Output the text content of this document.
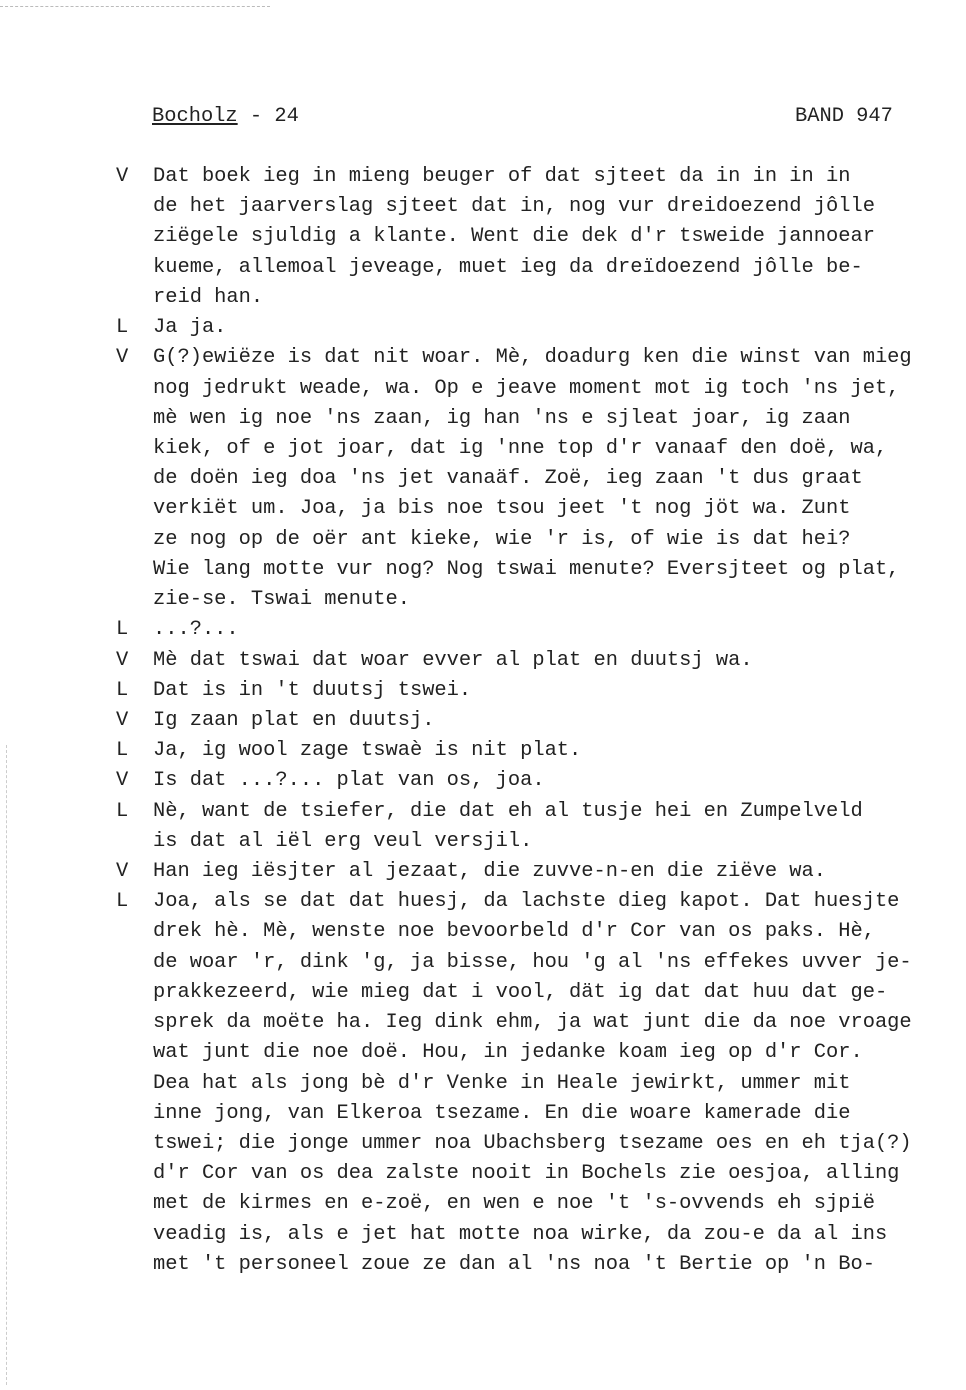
Bocholz - 24	BAND 947
V Dat boek ieg in mieng beuger of dat sjteet da in in in in
de het jaarverslag sjteet dat in, nog vur dreidoezend jôlle
ziëgele sjuldig a klante. Went die dek d'r tsweide jannoear
kueme, allemoal jeveage, muet ieg da dreïdoezend jôlle be-
reid han.
L Ja ja.
V G(?)ewiëze is dat nit woar. Mè, doadurg ken die winst van mieg
nog jedrukt weade, wa. Op e jeave moment mot ig toch 'ns jet,
mè wen ig noe 'ns zaan, ig han 'ns e sjleat joar, ig zaan
kiek, of e jot joar, dat ig 'nne top d'r vanaaf den doë, wa,
de doën ieg doa 'ns jet vanaäf. Zoë, ieg zaan 't dus graat
verkiët um. Joa, ja bis noe tsou jeet 't nog jöt wa. Zunt
ze nog op de oër ant kieke, wie 'r is, of wie is dat hei?
Wie lang motte vur nog? Nog tswai menute? Eversjteet og plat,
zie-se. Tswai menute.
L ...?...
V Mè dat tswai dat woar evver al plat en duutsj wa.
L Dat is in 't duutsj tswei.
V Ig zaan plat en duutsj.
L Ja, ig wool zage tswaè is nit plat.
V Is dat ...?... plat van os, joa.
L Nè, want de tsiefer, die dat eh al tusje hei en Zumpelveld
is dat al iël erg veul versjil.
V Han ieg iësjter al jezaat, die zuvve-n-en die ziëve wa.
L Joa, als se dat dat huesj, da lachste dieg kapot. Dat huesjte
drek hè. Mè, wenste noe bevoorbeld d'r Cor van os paks. Hè,
de woar 'r, dink 'g, ja bisse, hou 'g al 'ns effekes uvver je-
prakkezeerd, wie mieg dat i vool, dät ig dat dat huu dat ge-
sprek da moëte ha. Ieg dink ehm, ja wat junt die da noe vroage
wat junt die noe doë. Hou, in jedanke koam ieg op d'r Cor.
Dea hat als jong bè d'r Venke in Heale jewirkt, ummer mit
inne jong, van Elkeroa tsezame. En die woare kamerade die
tswei; die jonge ummer noa Ubachsberg tsezame oes en eh tja(?)
d'r Cor van os dea zalste nooit in Bochels zie oesjoa, alling
met de kirmes en e-zoë, en wen e noe 't 's-ovvends eh sjpië
veadig is, als e jet hat motte noa wirke, da zou-e da al ins
met 't personeel zoue ze dan al 'ns noa 't Bertie op 'n Bo-
